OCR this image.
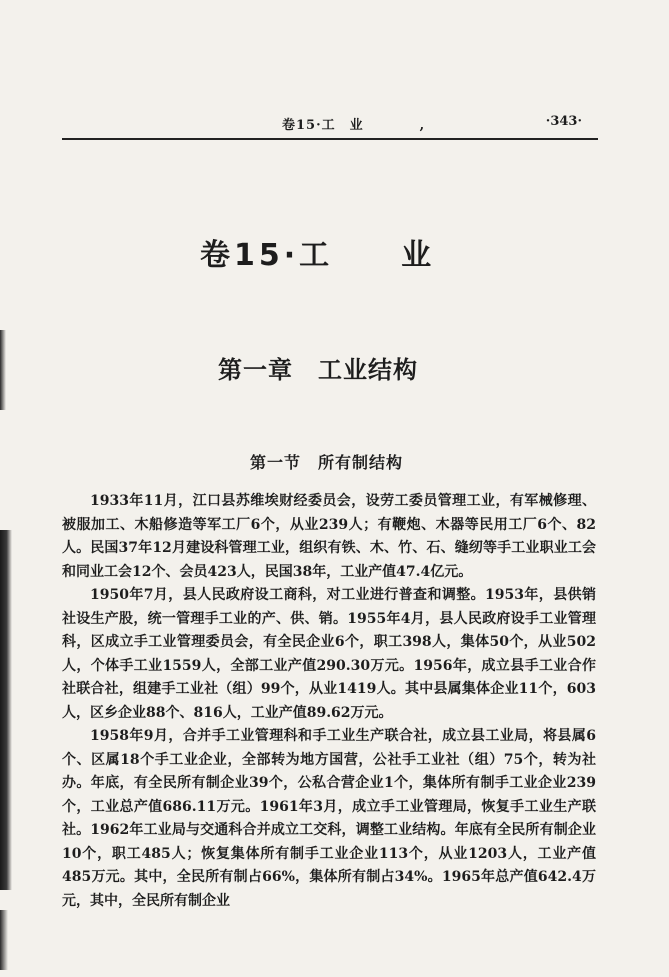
卷15·工　业　　　　,	·343·
卷15·工　　业
第一章　工业结构
第一节　所有制结构

1933年11月，江口县苏维埃财经委员会，设劳工委员管理工业，有军械修理、被服加工、木船修造等军工厂6个，从业239人；有鞭炮、木器等民用工厂6个、82人。民国37年12月建设科管理工业，组织有铁、木、竹、石、缝纫等手工业职业工会和同业工会12个、会员423人，民国38年，工业产值47.4亿元。

1950年7月，县人民政府设工商科，对工业进行普查和调整。1953年，县供销社设生产股，统一管理手工业的产、供、销。1955年4月，县人民政府设手工业管理科，区成立手工业管理委员会，有全民企业6个，职工398人，集体50个，从业502人，个体手工业1559人，全部工业产值290.30万元。1956年，成立县手工业合作社联合社，组建手工业社（组）99个，从业1419人。其中县属集体企业11个，603人，区乡企业88个、816人，工业产值89.62万元。

1958年9月，合并手工业管理科和手工业生产联合社，成立县工业局，将县属6个、区属18个手工业企业，全部转为地方国营，公社手工业社（组）75个，转为社办。年底，有全民所有制企业39个，公私合营企业1个，集体所有制手工业企业239个，工业总产值686.11万元。1961年3月，成立手工业管理局，恢复手工业生产联社。1962年工业局与交通科合并成立工交科，调整工业结构。年底有全民所有制企业10个，职工485人；恢复集体所有制手工业企业113个，从业1203人，工业产值485万元。其中，全民所有制占66%，集体所有制占34%。1965年总产值642.4万元，其中，全民所有制企业
